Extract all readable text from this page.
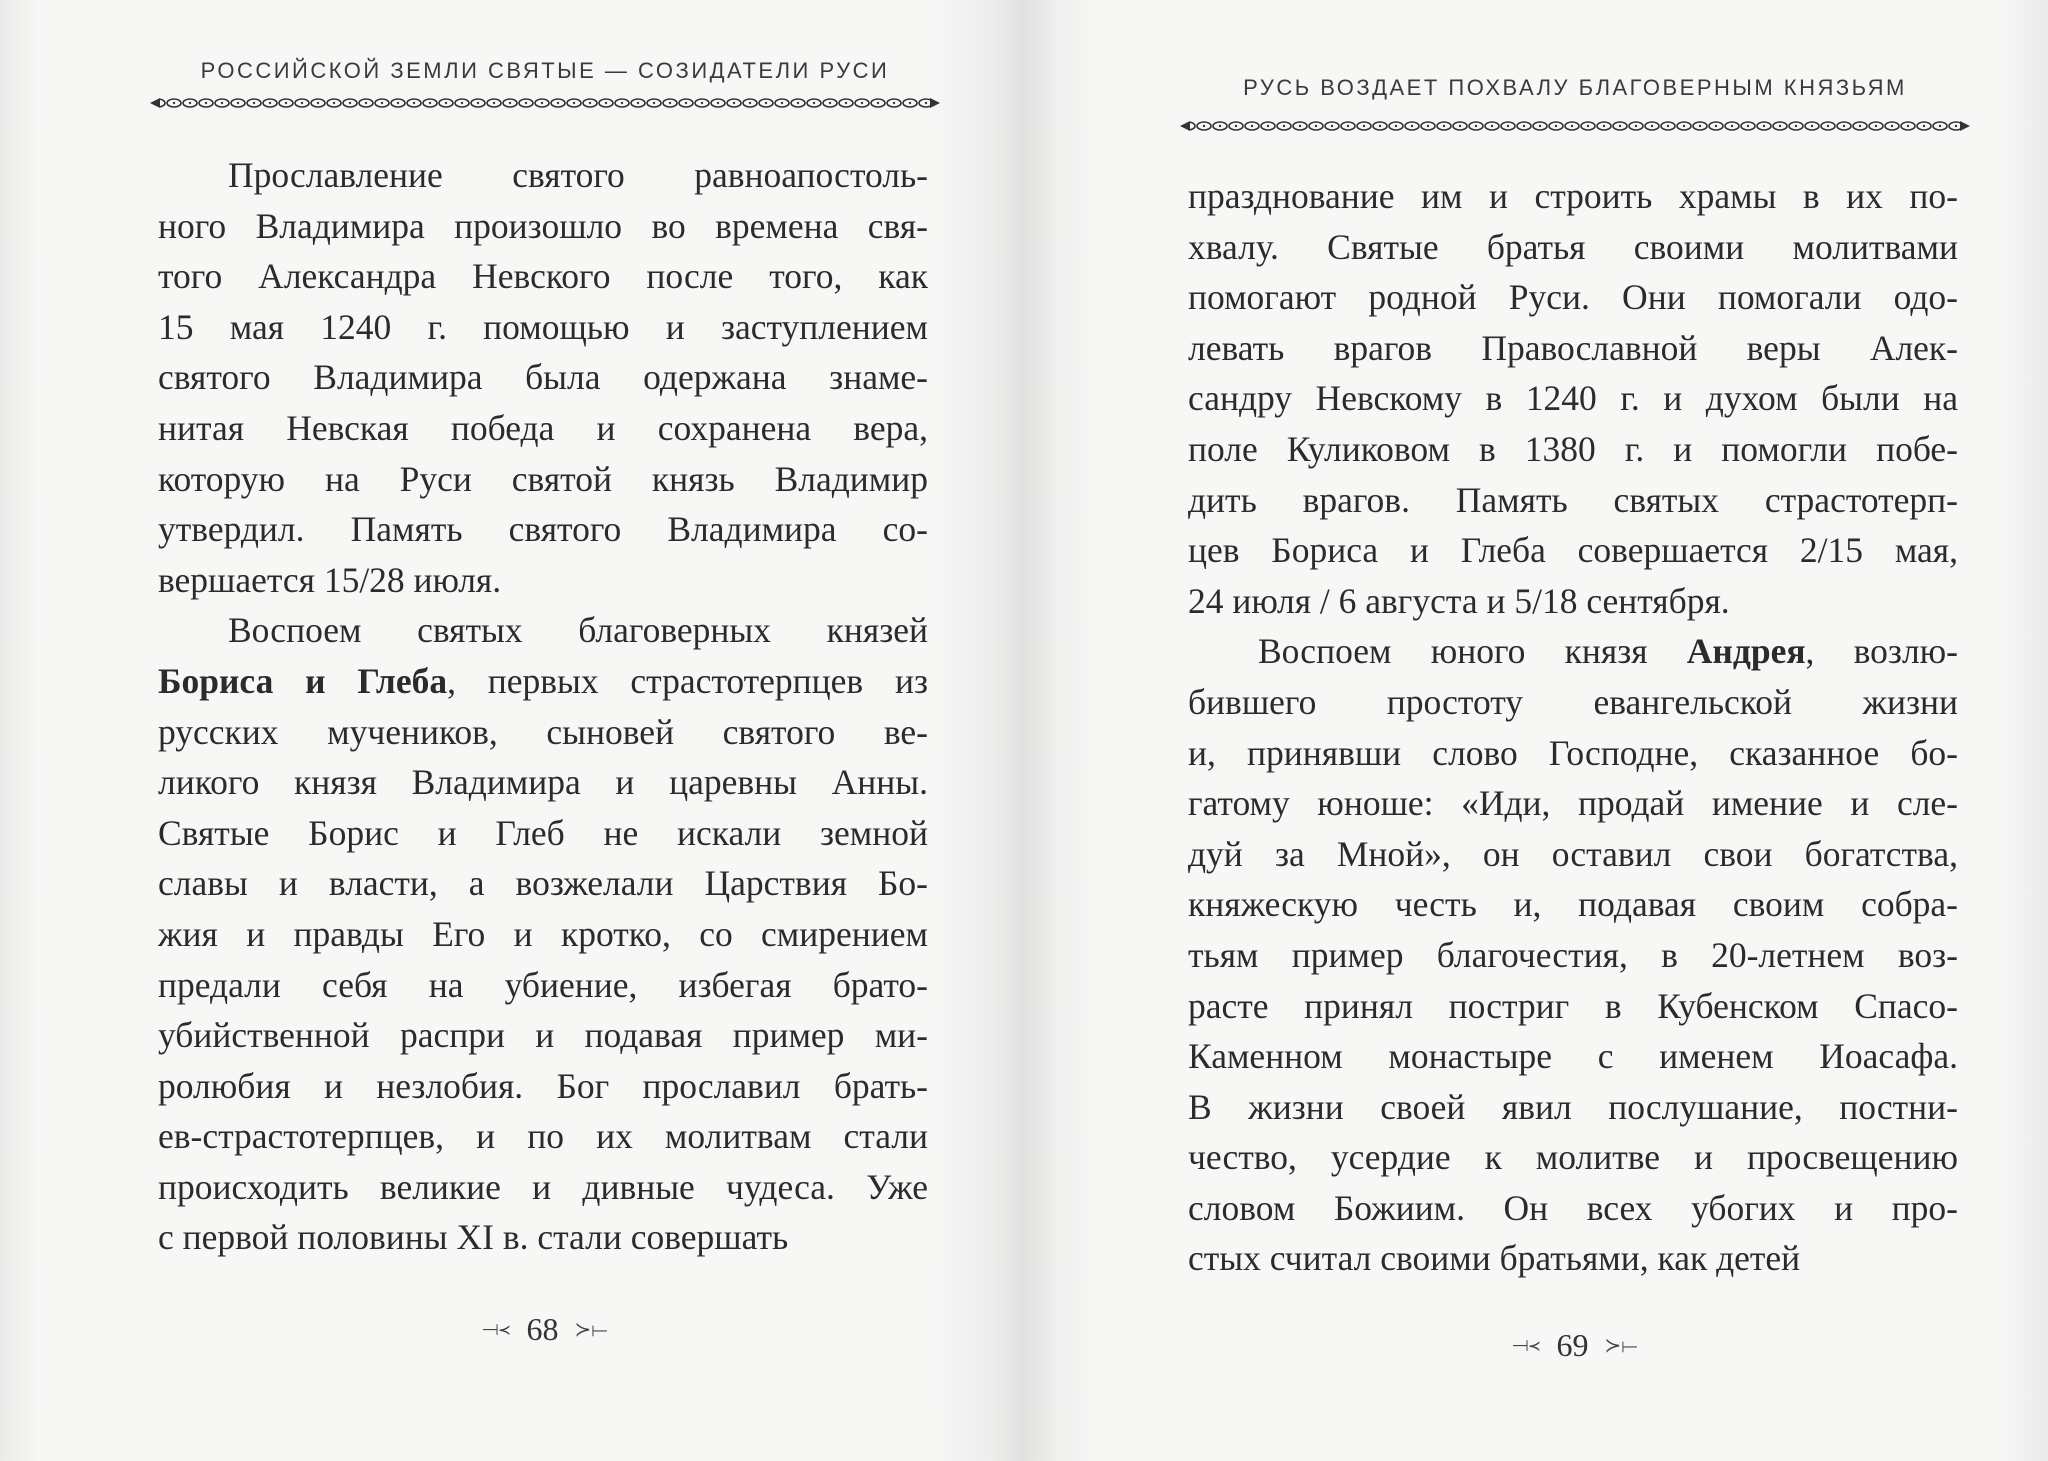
РОССИЙСКОЙ ЗЕМЛИ СВЯТЫЕ — СОЗИДАТЕЛИ РУСИ
Прославление святого равноапостоль-
ного Владимира произошло во времена свя-
того Александра Невского после того, как
15 мая 1240 г. помощью и заступлением
святого Владимира была одержана знаме-
нитая Невская победа и сохранена вера,
которую на Руси святой князь Владимир
утвердил. Память святого Владимира со-
вершается 15/28 июля.
Воспоем святых благоверных князей
Бориса и Глеба, первых страстотерпцев из
русских мучеников, сыновей святого ве-
ликого князя Владимира и царевны Анны.
Святые Борис и Глеб не искали земной
славы и власти, а возжелали Царствия Бо-
жия и правды Его и кротко, со смирением
предали себя на убиение, избегая брато-
убийственной распри и подавая пример ми-
ролюбия и незлобия. Бог прославил брать-
ев-страстотерпцев, и по их молитвам стали
происходить великие и дивные чудеса. Уже
с первой половины XI в. стали совершать
⟞≺ 68 ≻⟝
РУСЬ ВОЗДАЕТ ПОХВАЛУ БЛАГОВЕРНЫМ КНЯЗЬЯМ
празднование им и строить храмы в их по-
хвалу. Святые братья своими молитвами
помогают родной Руси. Они помогали одо-
левать врагов Православной веры Алек-
сандру Невскому в 1240 г. и духом были на
поле Куликовом в 1380 г. и помогли побе-
дить врагов. Память святых страстотерп-
цев Бориса и Глеба совершается 2/15 мая,
24 июля / 6 августа и 5/18 сентября.
Воспоем юного князя Андрея, возлю-
бившего простоту евангельской жизни
и, принявши слово Господне, сказанное бо-
гатому юноше: «Иди, продай имение и сле-
дуй за Мной», он оставил свои богатства,
княжескую честь и, подавая своим собра-
тьям пример благочестия, в 20-летнем воз-
расте принял постриг в Кубенском Спасо-
Каменном монастыре с именем Иоасафа.
В жизни своей явил послушание, постни-
чество, усердие к молитве и просвещению
словом Божиим. Он всех убогих и про-
стых считал своими братьями, как детей
⟞≺ 69 ≻⟝
